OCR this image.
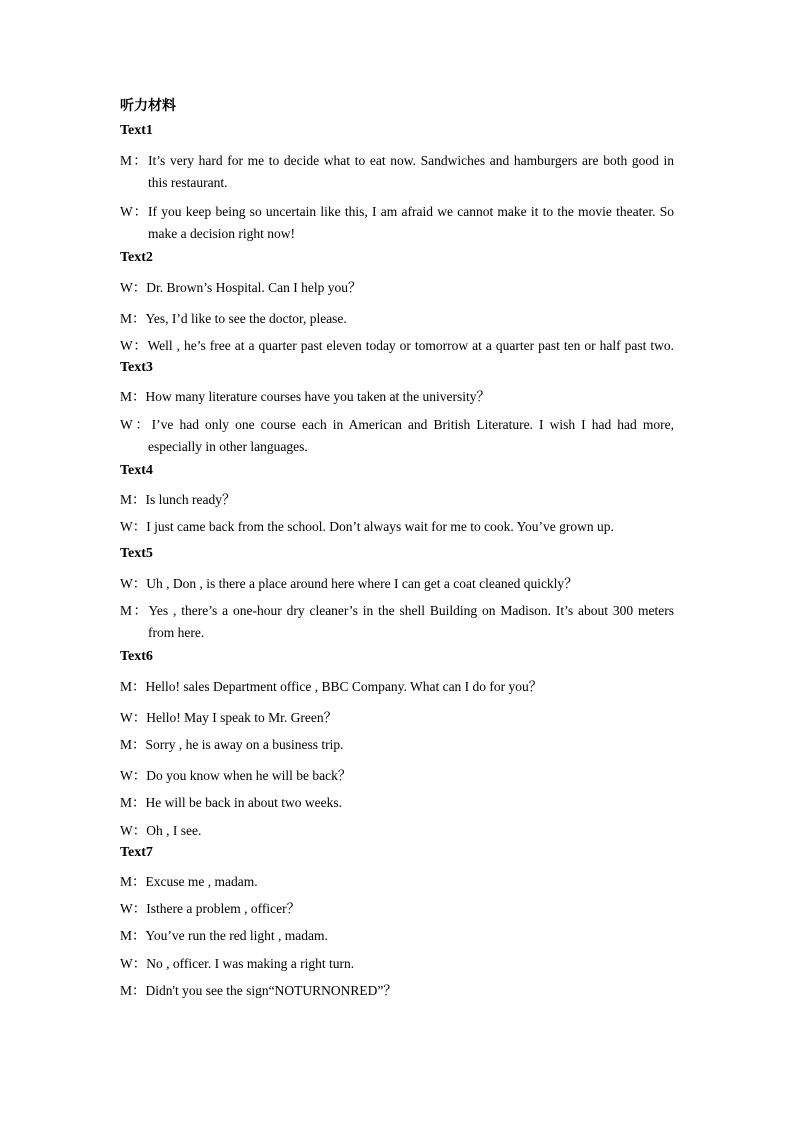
听力材料
Text1
M：It’s very hard for me to decide what to eat now. Sandwiches and hamburgers are both good in
this restaurant.
W：If you keep being so uncertain like this, I am afraid we cannot make it to the movie theater. So
make a decision right now!
Text2
W：Dr. Brown’s Hospital. Can I help you？
M：Yes, I’d like to see the doctor, please.
W：Well , he’s free at a quarter past eleven today or tomorrow at a quarter past ten or half past two.
Text3
M：How many literature courses have you taken at the university？
W：I’ve had only one course each in American and British Literature. I wish I had had more,
especially in other languages.
Text4
M：Is lunch ready？
W：I just came back from the school. Don’t always wait for me to cook. You’ve grown up.
Text5
W：Uh , Don , is there a place around here where I can get a coat cleaned quickly？
M：Yes , there’s a one-hour dry cleaner’s in the shell Building on Madison. It’s about 300 meters
from here.
Text6
M：Hello! sales Department office , BBC Company. What can I do for you？
W：Hello! May I speak to Mr. Green？
M：Sorry , he is away on a business trip.
W：Do you know when he will be back？
M：He will be back in about two weeks.
W：Oh , I see.
Text7
M：Excuse me , madam.
W：Isthere a problem , officer？
M：You’ve run the red light , madam.
W：No , officer. I was making a right turn.
M：Didn't you see the sign“NOTURNONRED”？
